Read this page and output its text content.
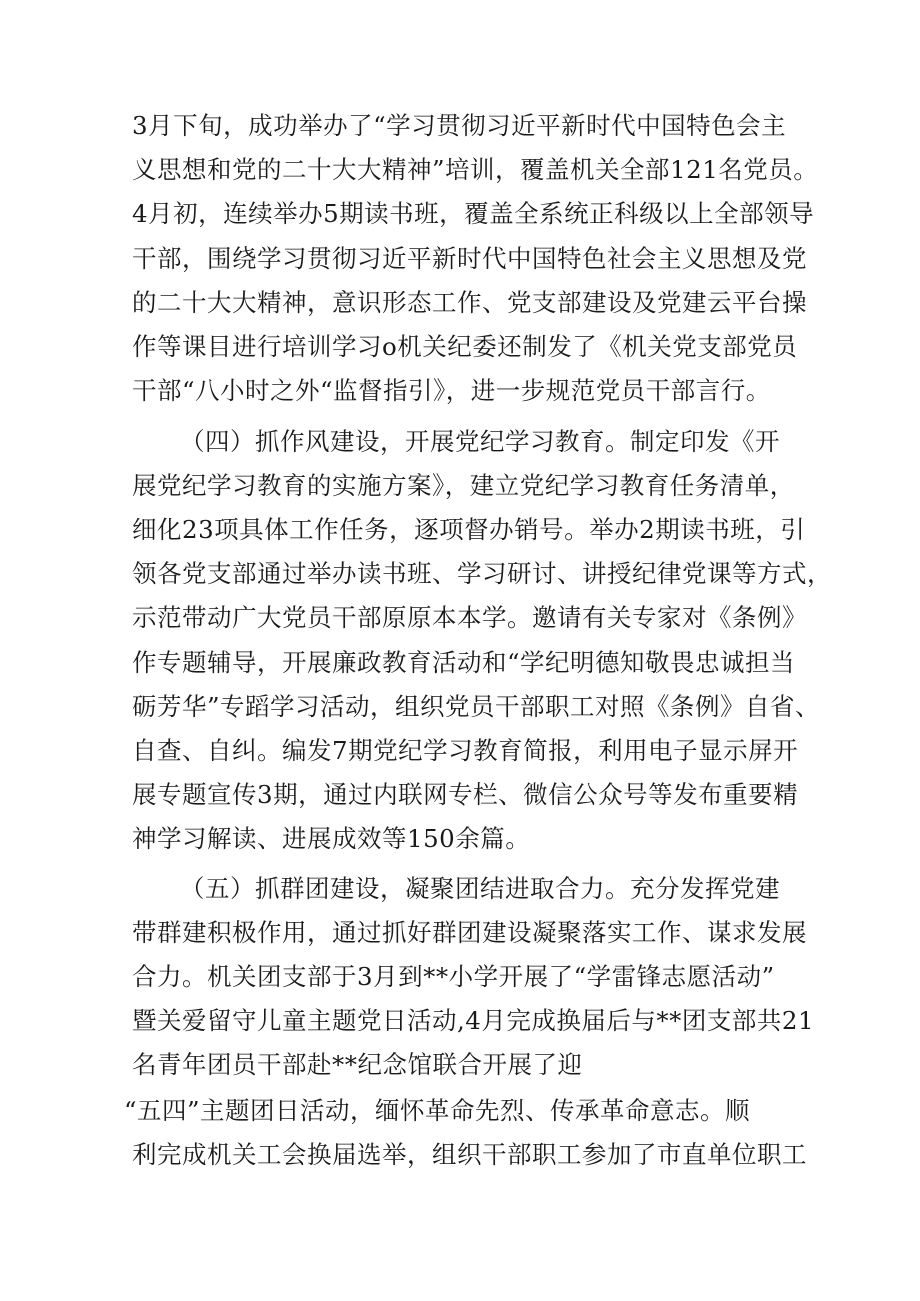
3月下旬，成功举办了“学习贯彻习近平新时代中国特色会主
义思想和党的二十大大精神”培训，覆盖机关全部121名党员。
4月初，连续举办5期读书班，覆盖全系统正科级以上全部领导
干部，围绕学习贯彻习近平新时代中国特色社会主义思想及党
的二十大大精神，意识形态工作、党支部建设及党建云平台操
作等课目进行培训学习o机关纪委还制发了《机关党支部党员
干部“八小时之外“监督指引》，进一步规范党员干部言行。
（四）抓作风建设，开展党纪学习教育。制定印发《开
展党纪学习教育的实施方案》，建立党纪学习教育任务清单，
细化23项具体工作任务，逐项督办销号。举办2期读书班，引
领各党支部通过举办读书班、学习研讨、讲授纪律党课等方式，
示范带动广大党员干部原原本本学。邀请有关专家对《条例》
作专题辅导，开展廉政教育活动和“学纪明德知敬畏忠诚担当
砺芳华”专蹈学习活动，组织党员干部职工对照《条例》自省、
自查、自纠。编发7期党纪学习教育简报，利用电子显示屏开
展专题宣传3期，通过内联网专栏、微信公众号等发布重要精
神学习解读、进展成效等150余篇。
（五）抓群团建设，凝聚团结进取合力。充分发挥党建
带群建积极作用，通过抓好群团建设凝聚落实工作、谋求发展
合力。机关团支部于3月到**小学开展了“学雷锋志愿活动”
暨关爱留守儿童主题党日活动,4月完成换届后与**团支部共21
名青年团员干部赴**纪念馆联合开展了迎
“五四”主题团日活动，缅怀革命先烈、传承革命意志。顺
利完成机关工会换届选举，组织干部职工参加了市直单位职工
